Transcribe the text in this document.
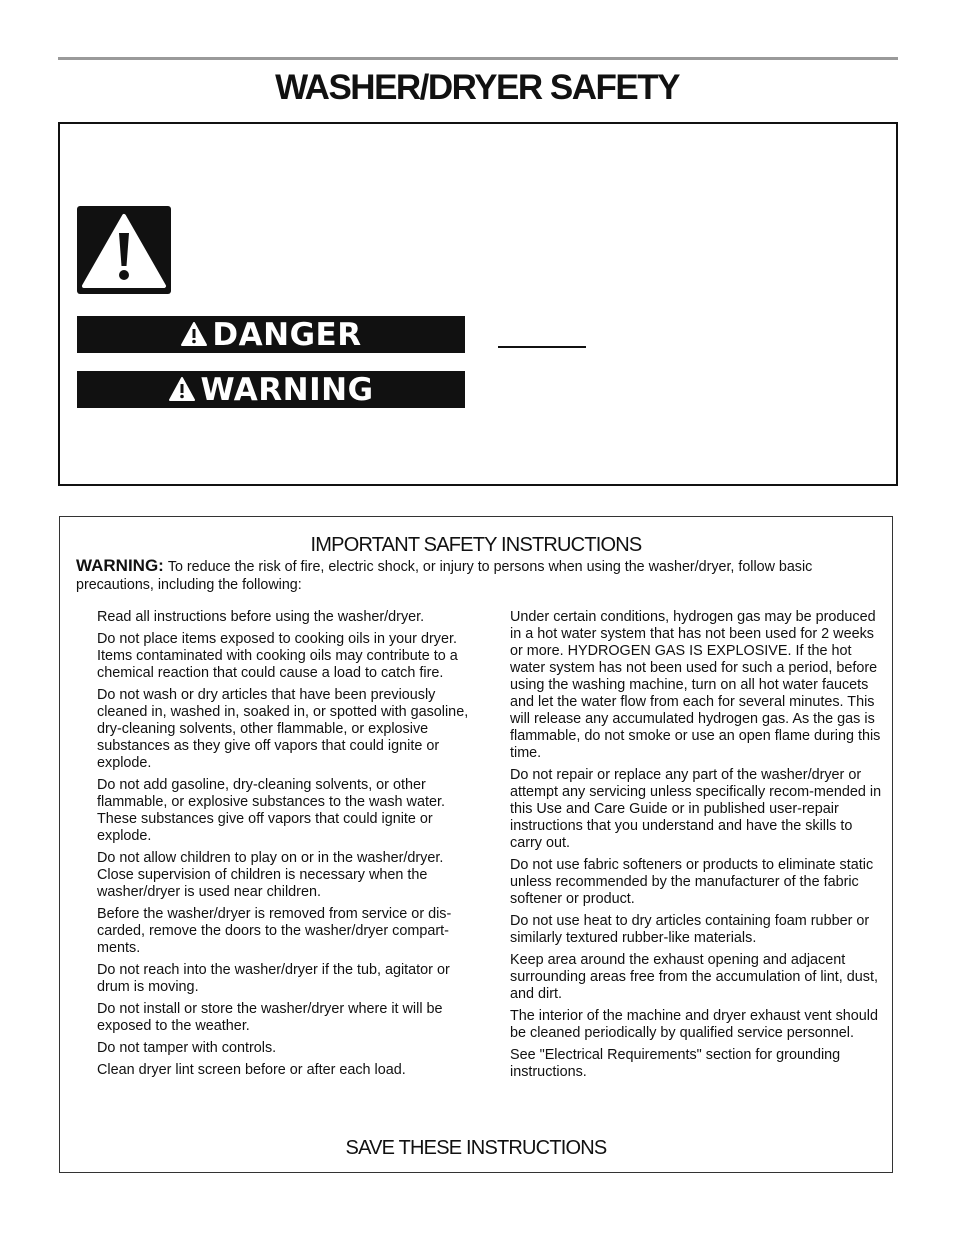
WASHER/DRYER SAFETY
DANGER
WARNING
IMPORTANT SAFETY INSTRUCTIONS
WARNING: To reduce the risk of fire, electric shock, or injury to persons when using the washer/dryer, follow basic precautions, including the following:
Read all instructions before using the washer/dryer.
Do not place items exposed to cooking oils in your dryer. Items contaminated with cooking oils may contribute to a chemical reaction that could cause a load to catch fire.
Do not wash or dry articles that have been previously cleaned in, washed in, soaked in, or spotted with gasoline, dry-cleaning solvents, other flammable, or explosive substances as they give off vapors that could ignite or explode.
Do not add gasoline, dry-cleaning solvents, or other flammable, or explosive substances to the wash water. These substances give off vapors that could ignite or explode.
Do not allow children to play on or in the washer/dryer. Close supervision of children is necessary when the washer/dryer is used near children.
Before the washer/dryer is removed from service or dis-carded, remove the doors to the washer/dryer compart-ments.
Do not reach into the washer/dryer if the tub, agitator or drum is moving.
Do not install or store the washer/dryer where it will be exposed to the weather.
Do not tamper with controls.
Clean dryer lint screen before or after each load.
Under certain conditions, hydrogen gas may be produced in a hot water system that has not been used for 2 weeks or more. HYDROGEN GAS IS EXPLOSIVE. If the hot water system has not been used for such a period, before using the washing machine, turn on all hot water faucets and let the water flow from each for several minutes. This will release any accumulated hydrogen gas. As the gas is flammable, do not smoke or use an open flame during this time.
Do not repair or replace any part of the washer/dryer or attempt any servicing unless specifically recom-mended in this Use and Care Guide or in published user-repair instructions that you understand and have the skills to carry out.
Do not use fabric softeners or products to eliminate static unless recommended by the manufacturer of the fabric softener or product.
Do not use heat to dry articles containing foam rubber or similarly textured rubber-like materials.
Keep area around the exhaust opening and adjacent surrounding areas free from the accumulation of lint, dust, and dirt.
The interior of the machine and dryer exhaust vent should be cleaned periodically by qualified service personnel.
See "Electrical Requirements" section for grounding instructions.
SAVE THESE INSTRUCTIONS
